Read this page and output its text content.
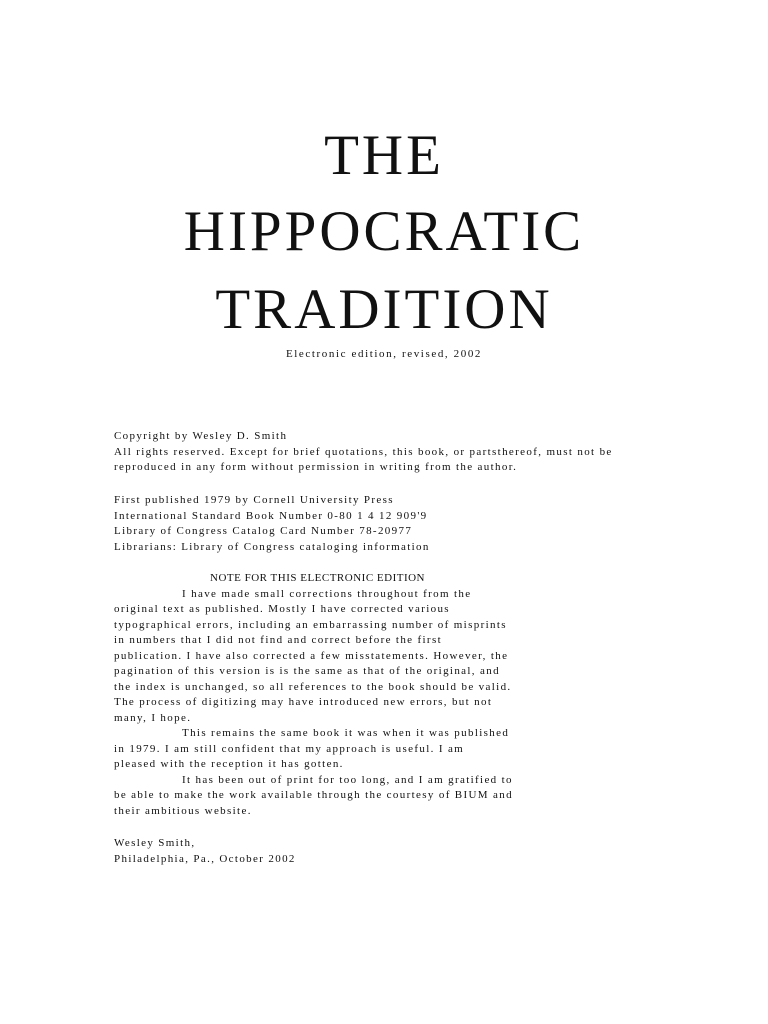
THE
HIPPOCRATIC
TRADITION
Electronic edition, revised, 2002
Copyright by Wesley D. Smith
All rights reserved. Except for brief quotations, this book, or partsthereof, must not be
reproduced in any form without permission in writing from the author.
First published 1979 by Cornell University Press
International Standard Book Number 0-80 1 4 12 909'9
Library of Congress Catalog Card Number 78-20977
Librarians: Library of Congress cataloging information
NOTE FOR THIS ELECTRONIC EDITION
I have made small corrections throughout from the
original text as published. Mostly I have corrected various
typographical errors, including an embarrassing number of misprints
in numbers that I did not find and correct before the first
publication. I have also corrected a few misstatements. However, the
pagination of this version is is the same as that of the original, and
the index is unchanged, so all references to the book should be valid.
The process of digitizing may have introduced new errors, but not
many, I hope.
This remains the same book it was when it was published
in 1979. I am still confident that my approach is useful. I am
pleased with the reception it has gotten.
It has been out of print for too long, and I am gratified to
be able to make the work available through the courtesy of BIUM and
their ambitious website.
Wesley Smith,
Philadelphia, Pa., October 2002
